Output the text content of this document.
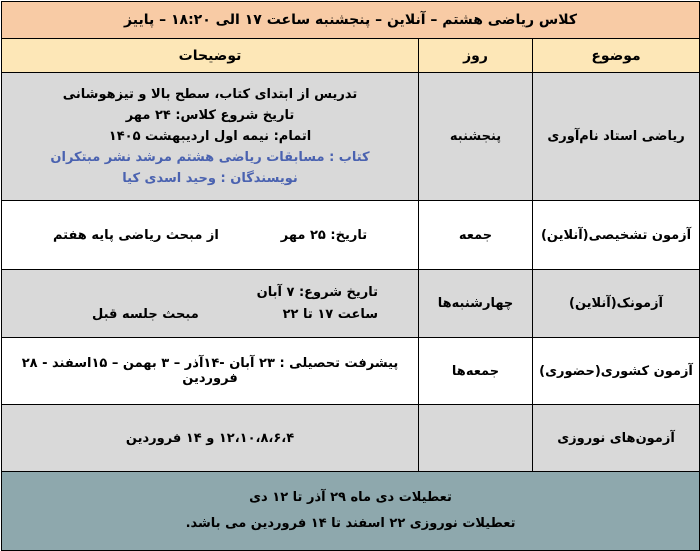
کلاس ریاضی هشتم – آنلاین – پنجشنبه ساعت ۱۷ الی ۱۸:۲۰ – پاییز		
موضوع	روز	توضیحات
ریاضی استاد نام‌آوری	پنجشنبه	تدریس از ابتدای کتاب، سطح بالا و تیزهوشانی
تاریخ شروع کلاس: ۲۴ مهر
اتمام: نیمه اول اردیبهشت ۱۴۰۵
کتاب : مسابقات ریاضی هشتم مرشد نشر مبتکران
نویسندگان : وحید اسدی کیا

آزمون تشخیصی(آنلاین)	جمعه	تاریخ: ۲۵ مهر
از مبحث ریاضی پایه هفتم

آزمونک(آنلاین)	چهارشنبه‌ها	تاریخ شروع: ۷ آبان
ساعت ۱۷ تا ۲۲

مبحث جلسه قبل

آزمون کشوری(حضوری)	جمعه‌ها	پیشرفت تحصیلی : ۲۳ آبان -۱۴آذر – ۳ بهمن – ۱۵اسفند - ۲۸ فروردین
آزمون‌های نوروزی		۱۲،۱۰،۸،۶،۴ و ۱۴ فروردین

تعطیلات دی ماه ۲۹ آذر تا ۱۲ دی
تعطیلات نوروزی ۲۲ اسفند تا ۱۴ فروردین می باشد.		
